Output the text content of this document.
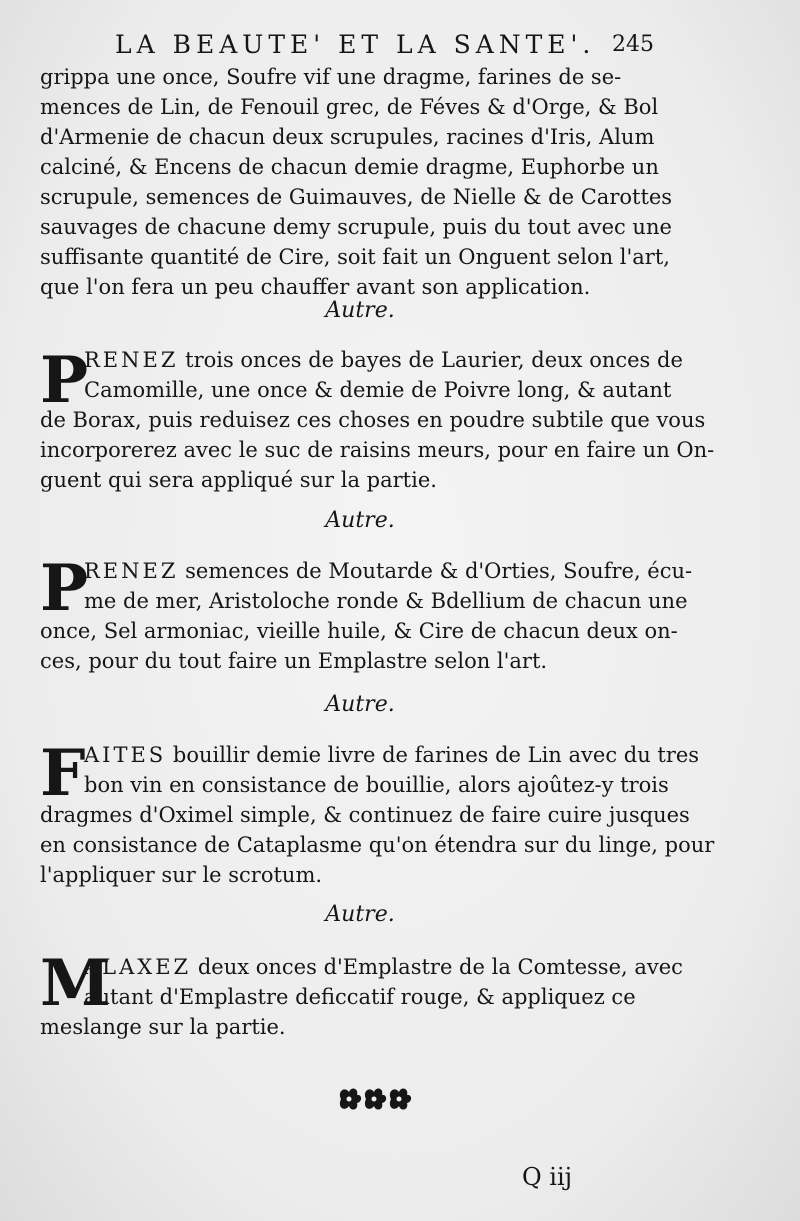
LA BEAUTE' ET LA SANTE'. 245
grippa une once, Soufre vif une dragme, farines de se-
mences de Lin, de Fenouil grec, de Féves & d'Orge, & Bol
d'Armenie de chacun deux scrupules, racines d'Iris, Alum
calciné, & Encens de chacun demie dragme, Euphorbe un
scrupule, semences de Guimauves, de Nielle & de Carottes
sauvages de chacune demy scrupule, puis du tout avec une
suffisante quantité de Cire, soit fait un Onguent selon l'art,
que l'on fera un peu chauffer avant son application.
Autre.
P
RENEZ trois onces de bayes de Laurier, deux onces de
Camomille, une once & demie de Poivre long, & autant
de Borax, puis reduisez ces choses en poudre subtile que vous
incorporerez avec le suc de raisins meurs, pour en faire un On-
guent qui sera appliqué sur la partie.
Autre.
P
RENEZ semences de Moutarde & d'Orties, Soufre, écu-
me de mer, Aristoloche ronde & Bdellium de chacun une
once, Sel armoniac, vieille huile, & Cire de chacun deux on-
ces, pour du tout faire un Emplastre selon l'art.
Autre.
F
AITES bouillir demie livre de farines de Lin avec du tres
bon vin en consistance de bouillie, alors ajoûtez-y trois
dragmes d'Oximel simple, & continuez de faire cuire jusques
en consistance de Cataplasme qu'on étendra sur du linge, pour
l'appliquer sur le scrotum.
Autre.
M
ALAXEZ deux onces d'Emplastre de la Comtesse, avec
autant d'Emplastre deficcatif rouge, & appliquez ce
meslange sur la partie.
Q iij
